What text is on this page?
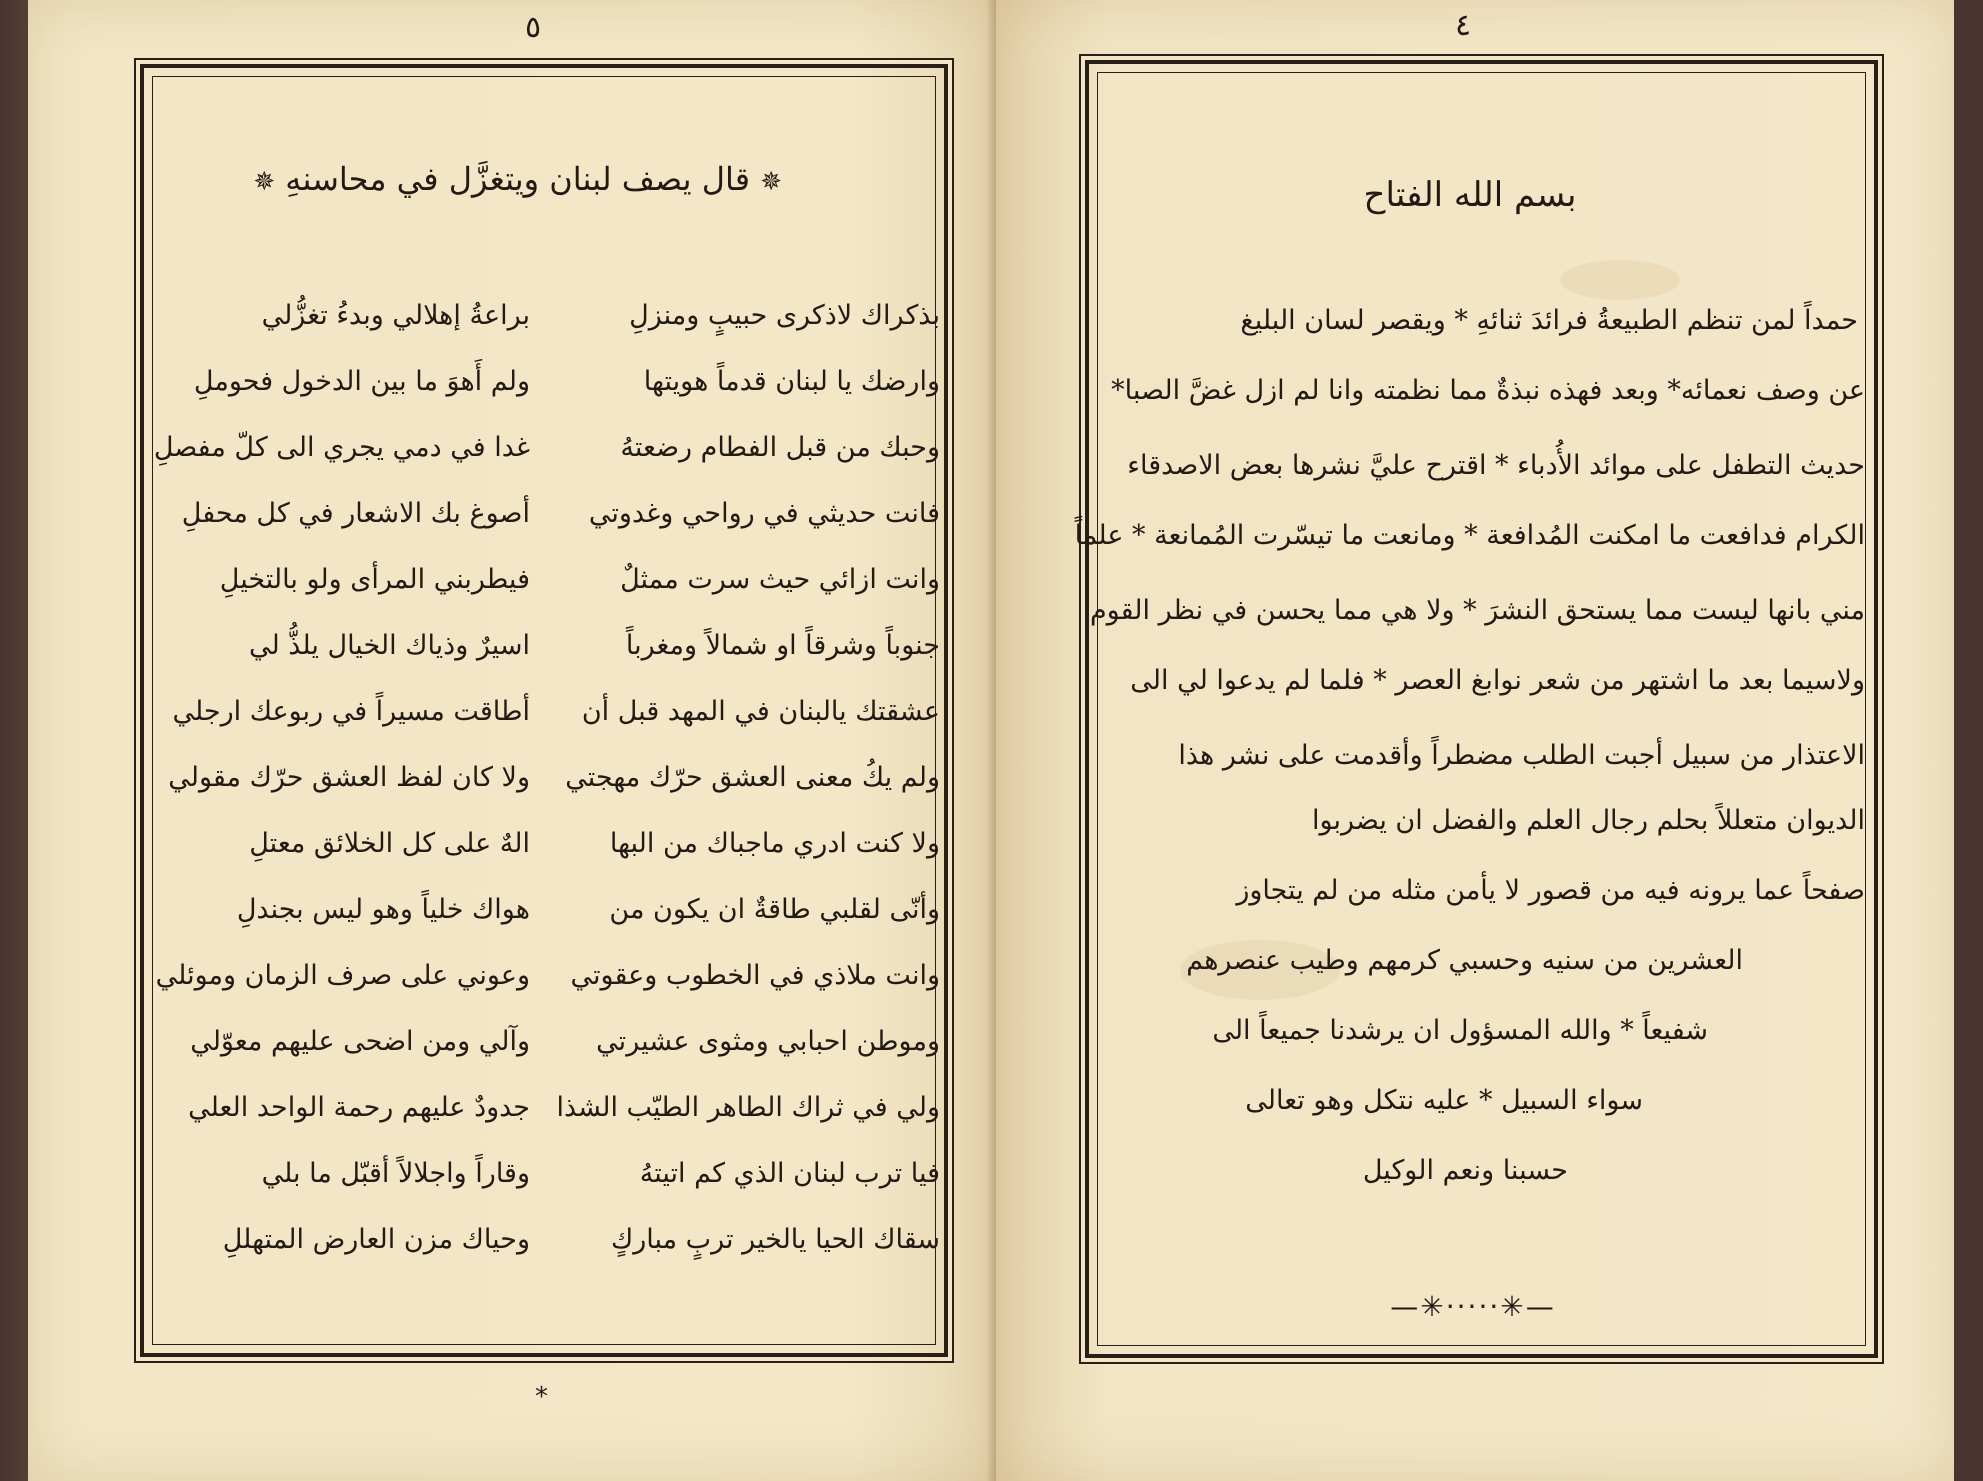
٥
✵ قال يصف لبنان ويتغزَّل في محاسنهِ ✵
بذكراك لاذكرى حبيبٍ ومنزلِ
براعةُ إهلالي وبدءُ تغزُّلي
وارضك يا لبنان قدماً هويتها
ولم أَهوَ ما بين الدخول فحوملِ
وحبك من قبل الفطام رضعتهُ
غدا في دمي يجري الى كلّ مفصلِ
فانت حديثي في رواحي وغدوتي
أصوغ بك الاشعار في كل محفلِ
وانت ازائي حيث سرت ممثلٌ
فيطربني المرأى ولو بالتخيلِ
جنوباً وشرقاً او شمالاً ومغرباً
اسيرٌ وذياك الخيال يلذُّ لي
عشقتك يالبنان في المهد قبل أن
أطاقت مسيراً في ربوعك ارجلي
ولم يكُ معنى العشق حرّك مهجتي
ولا كان لفظ العشق حرّك مقولي
ولا كنت ادري ماجباك من البها
الهٌ على كل الخلائق معتلِ
وأنّى لقلبي طاقةٌ ان يكون من
هواك خلياً وهو ليس بجندلِ
وانت ملاذي في الخطوب وعقوتي
وعوني على صرف الزمان وموئلي
وموطن احبابي ومثوى عشيرتي
وآلي ومن اضحى عليهم معوّلي
ولي في ثراك الطاهر الطيّب الشذا
جدودٌ عليهم رحمة الواحد العلي
فيا ترب لبنان الذي كم اتيتهُ
وقاراً واجلالاً أقبّل ما بلي
سقاك الحيا يالخير تربٍ مباركٍ
وحياك مزن العارض المتهللِ
*
٤
بسم الله الفتاح
حمداً لمن تنظم الطبيعةُ فرائدَ ثنائهِ * ويقصر لسان البليغ
عن وصف نعمائه* وبعد فهذه نبذةٌ مما نظمته وانا لم ازل غضَّ الصبا*
حديث التطفل على موائد الأُدباء * اقترح عليَّ نشرها بعض الاصدقاء
الكرام فدافعت ما امكنت المُدافعة * ومانعت ما تيسّرت المُمانعة * علماً
مني بانها ليست مما يستحق النشرَ * ولا هي مما يحسن في نظر القوم
ولاسيما بعد ما اشتهر من شعر نوابغ العصر * فلما لم يدعوا لي الى
الاعتذار من سبيل أجبت الطلب مضطراً وأقدمت على نشر هذا
الديوان متعللاً بحلم رجال العلم والفضل ان يضربوا
صفحاً عما يرونه فيه من قصور لا يأمن مثله من لم يتجاوز
العشرين من سنيه وحسبي كرمهم وطيب عنصرهم
شفيعاً * والله المسؤول ان يرشدنا جميعاً الى
سواء السبيل * عليه نتكل وهو تعالى
حسبنا ونعم الوكيل
—✳·····✳—
